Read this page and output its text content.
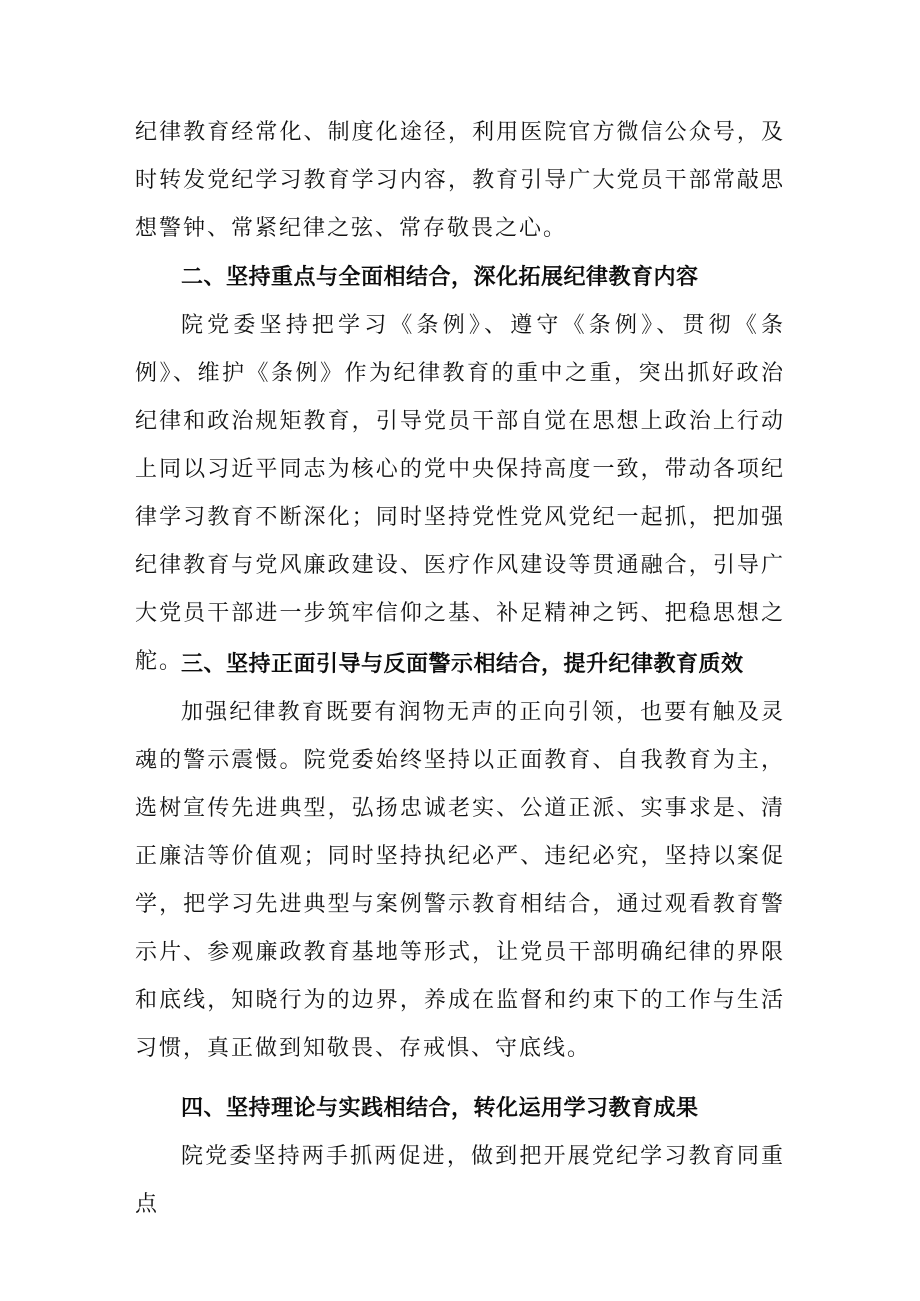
纪律教育经常化、制度化途径，利用医院官方微信公众号，及时转发党纪学习教育学习内容，教育引导广大党员干部常敲思想警钟、常紧纪律之弦、常存敬畏之心。

二、坚持重点与全面相结合，深化拓展纪律教育内容

院党委坚持把学习《条例》、遵守《条例》、贯彻《条例》、维护《条例》作为纪律教育的重中之重，突出抓好政治纪律和政治规矩教育，引导党员干部自觉在思想上政治上行动上同以习近平同志为核心的党中央保持高度一致，带动各项纪律学习教育不断深化；同时坚持党性党风党纪一起抓，把加强纪律教育与党风廉政建设、医疗作风建设等贯通融合，引导广大党员干部进一步筑牢信仰之基、补足精神之钙、把稳思想之舵。

三、坚持正面引导与反面警示相结合，提升纪律教育质效

加强纪律教育既要有润物无声的正向引领，也要有触及灵魂的警示震慑。院党委始终坚持以正面教育、自我教育为主，选树宣传先进典型，弘扬忠诚老实、公道正派、实事求是、清正廉洁等价值观；同时坚持执纪必严、违纪必究，坚持以案促学，把学习先进典型与案例警示教育相结合，通过观看教育警示片、参观廉政教育基地等形式，让党员干部明确纪律的界限和底线，知晓行为的边界，养成在监督和约束下的工作与生活习惯，真正做到知敬畏、存戒惧、守底线。

四、坚持理论与实践相结合，转化运用学习教育成果

院党委坚持两手抓两促进，做到把开展党纪学习教育同重点
